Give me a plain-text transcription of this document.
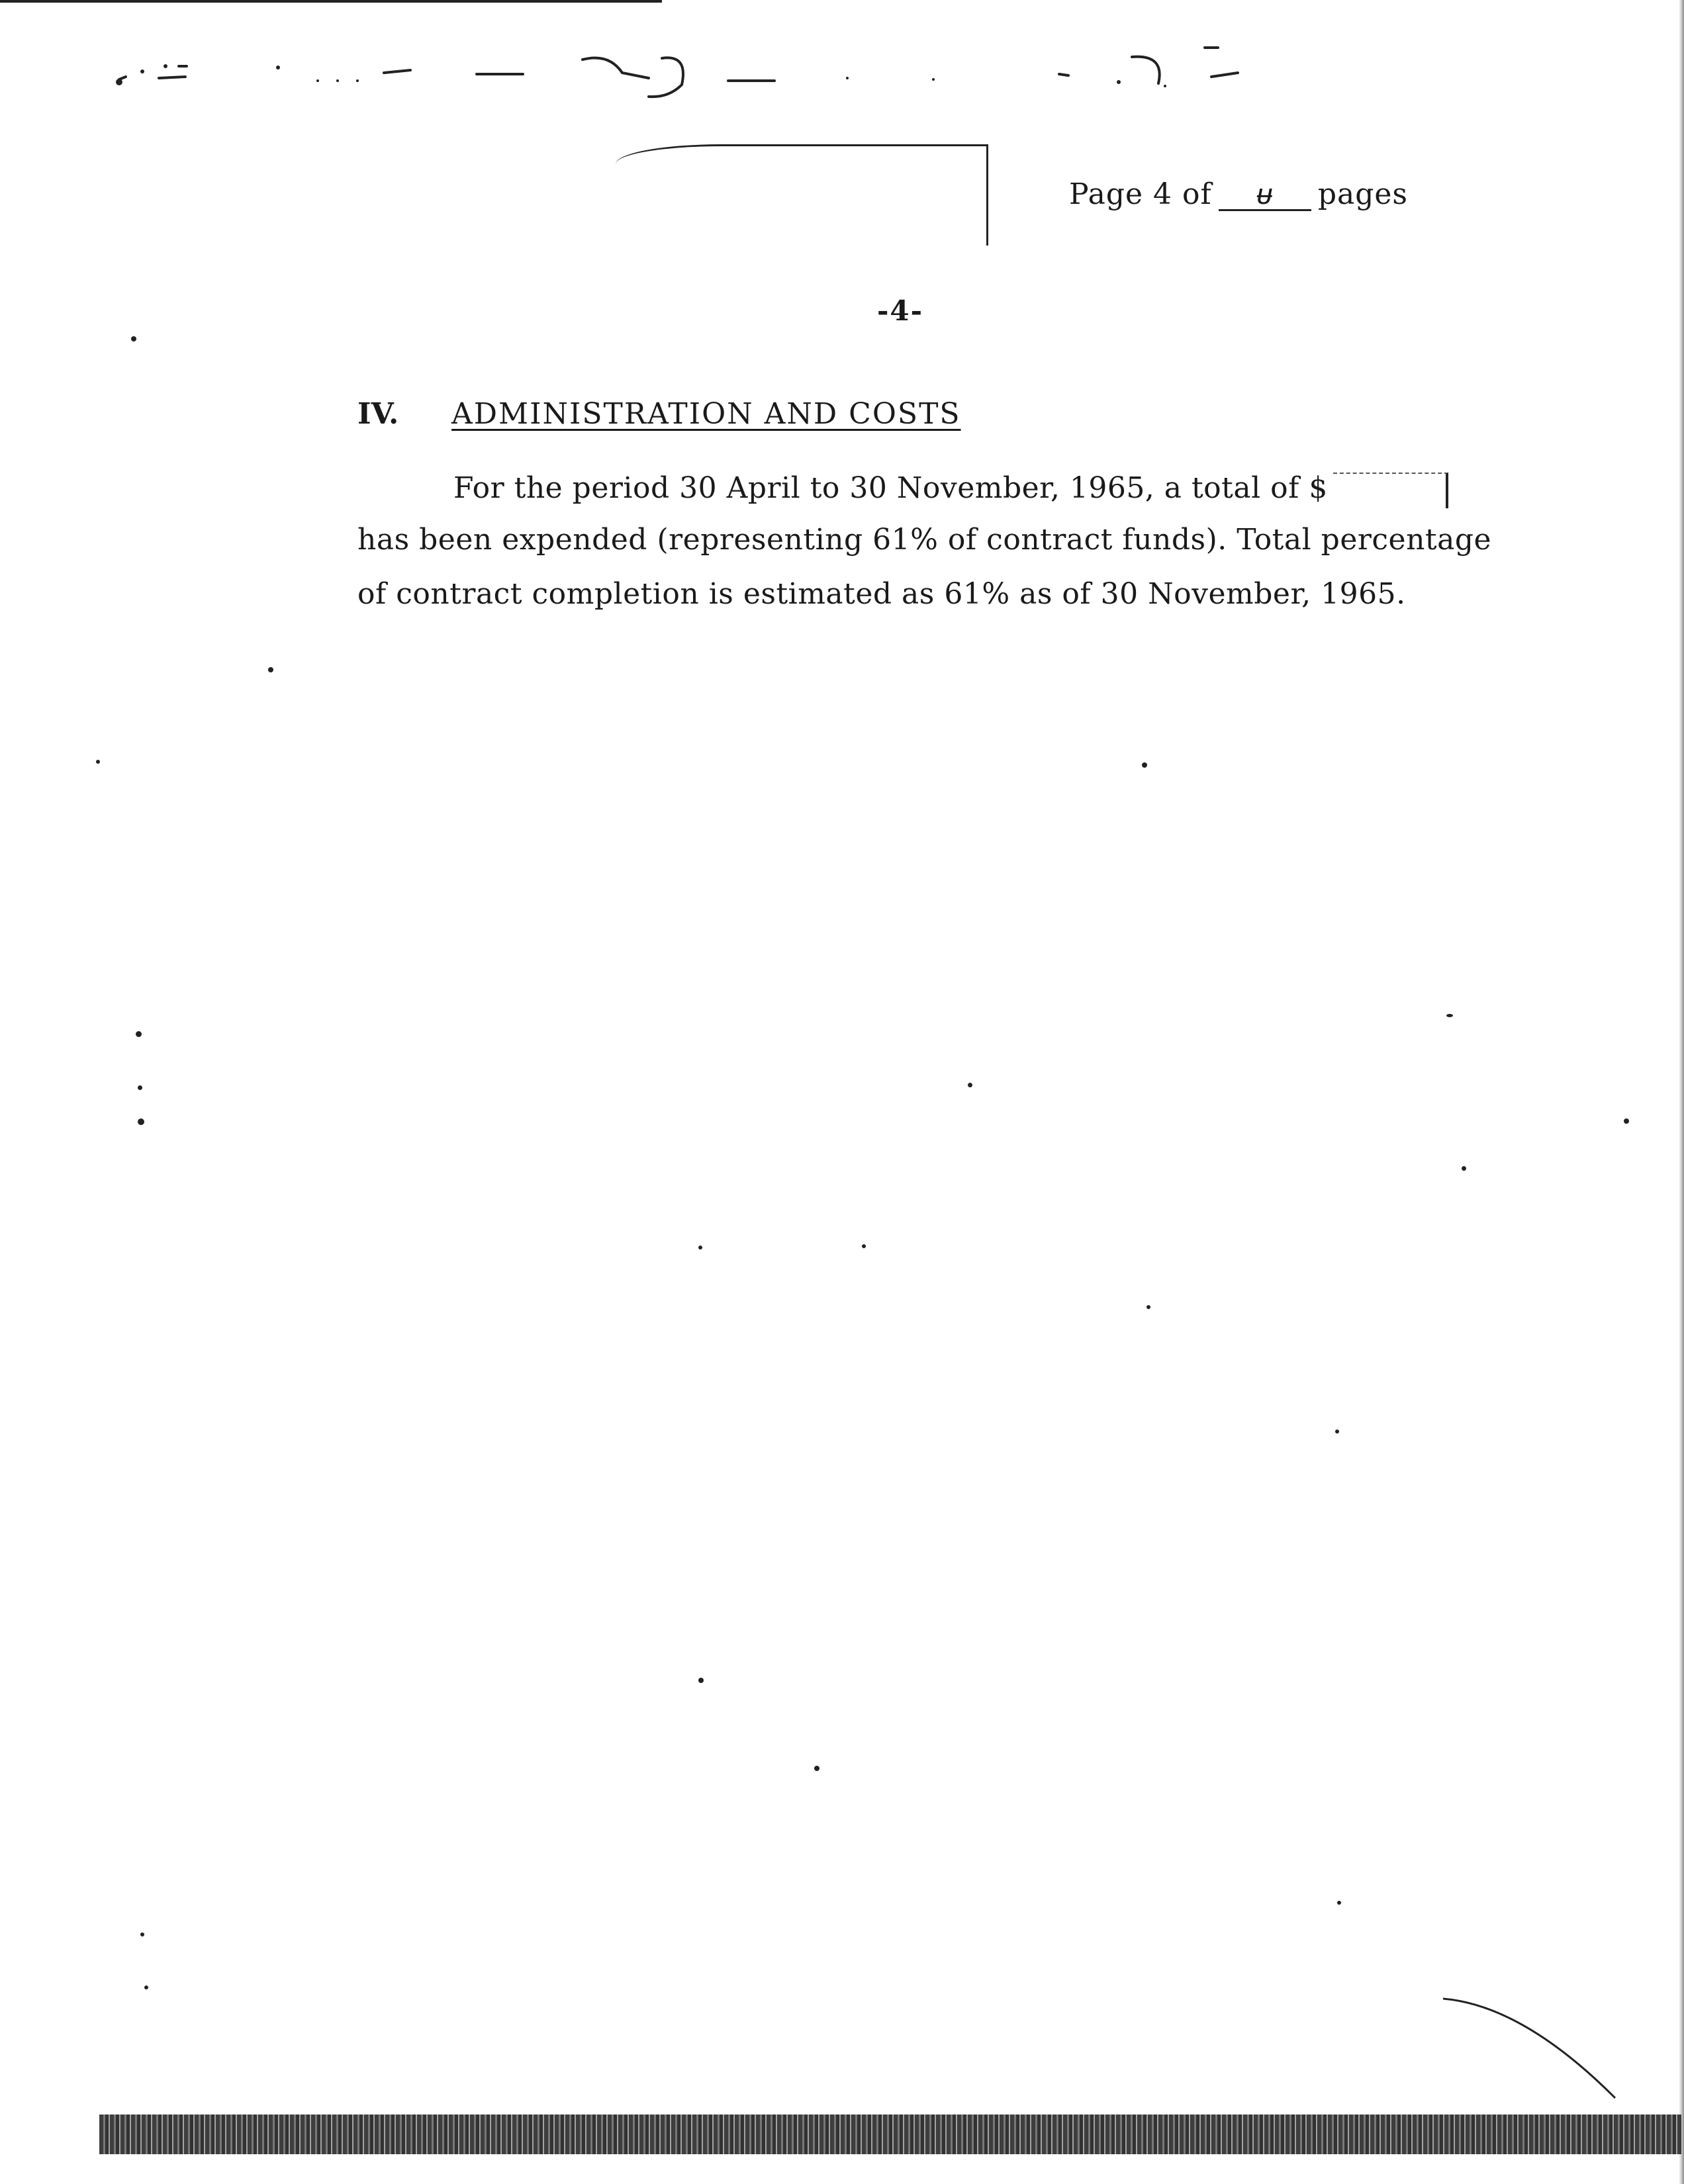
Page 4 of ᵾ pages
-4-
IV. ADMINISTRATION AND COSTS
For the period 30 April to 30 November, 1965, a total of $
has been expended (representing 61% of contract funds). Total percentage
of contract completion is estimated as 61% as of 30 November, 1965.
